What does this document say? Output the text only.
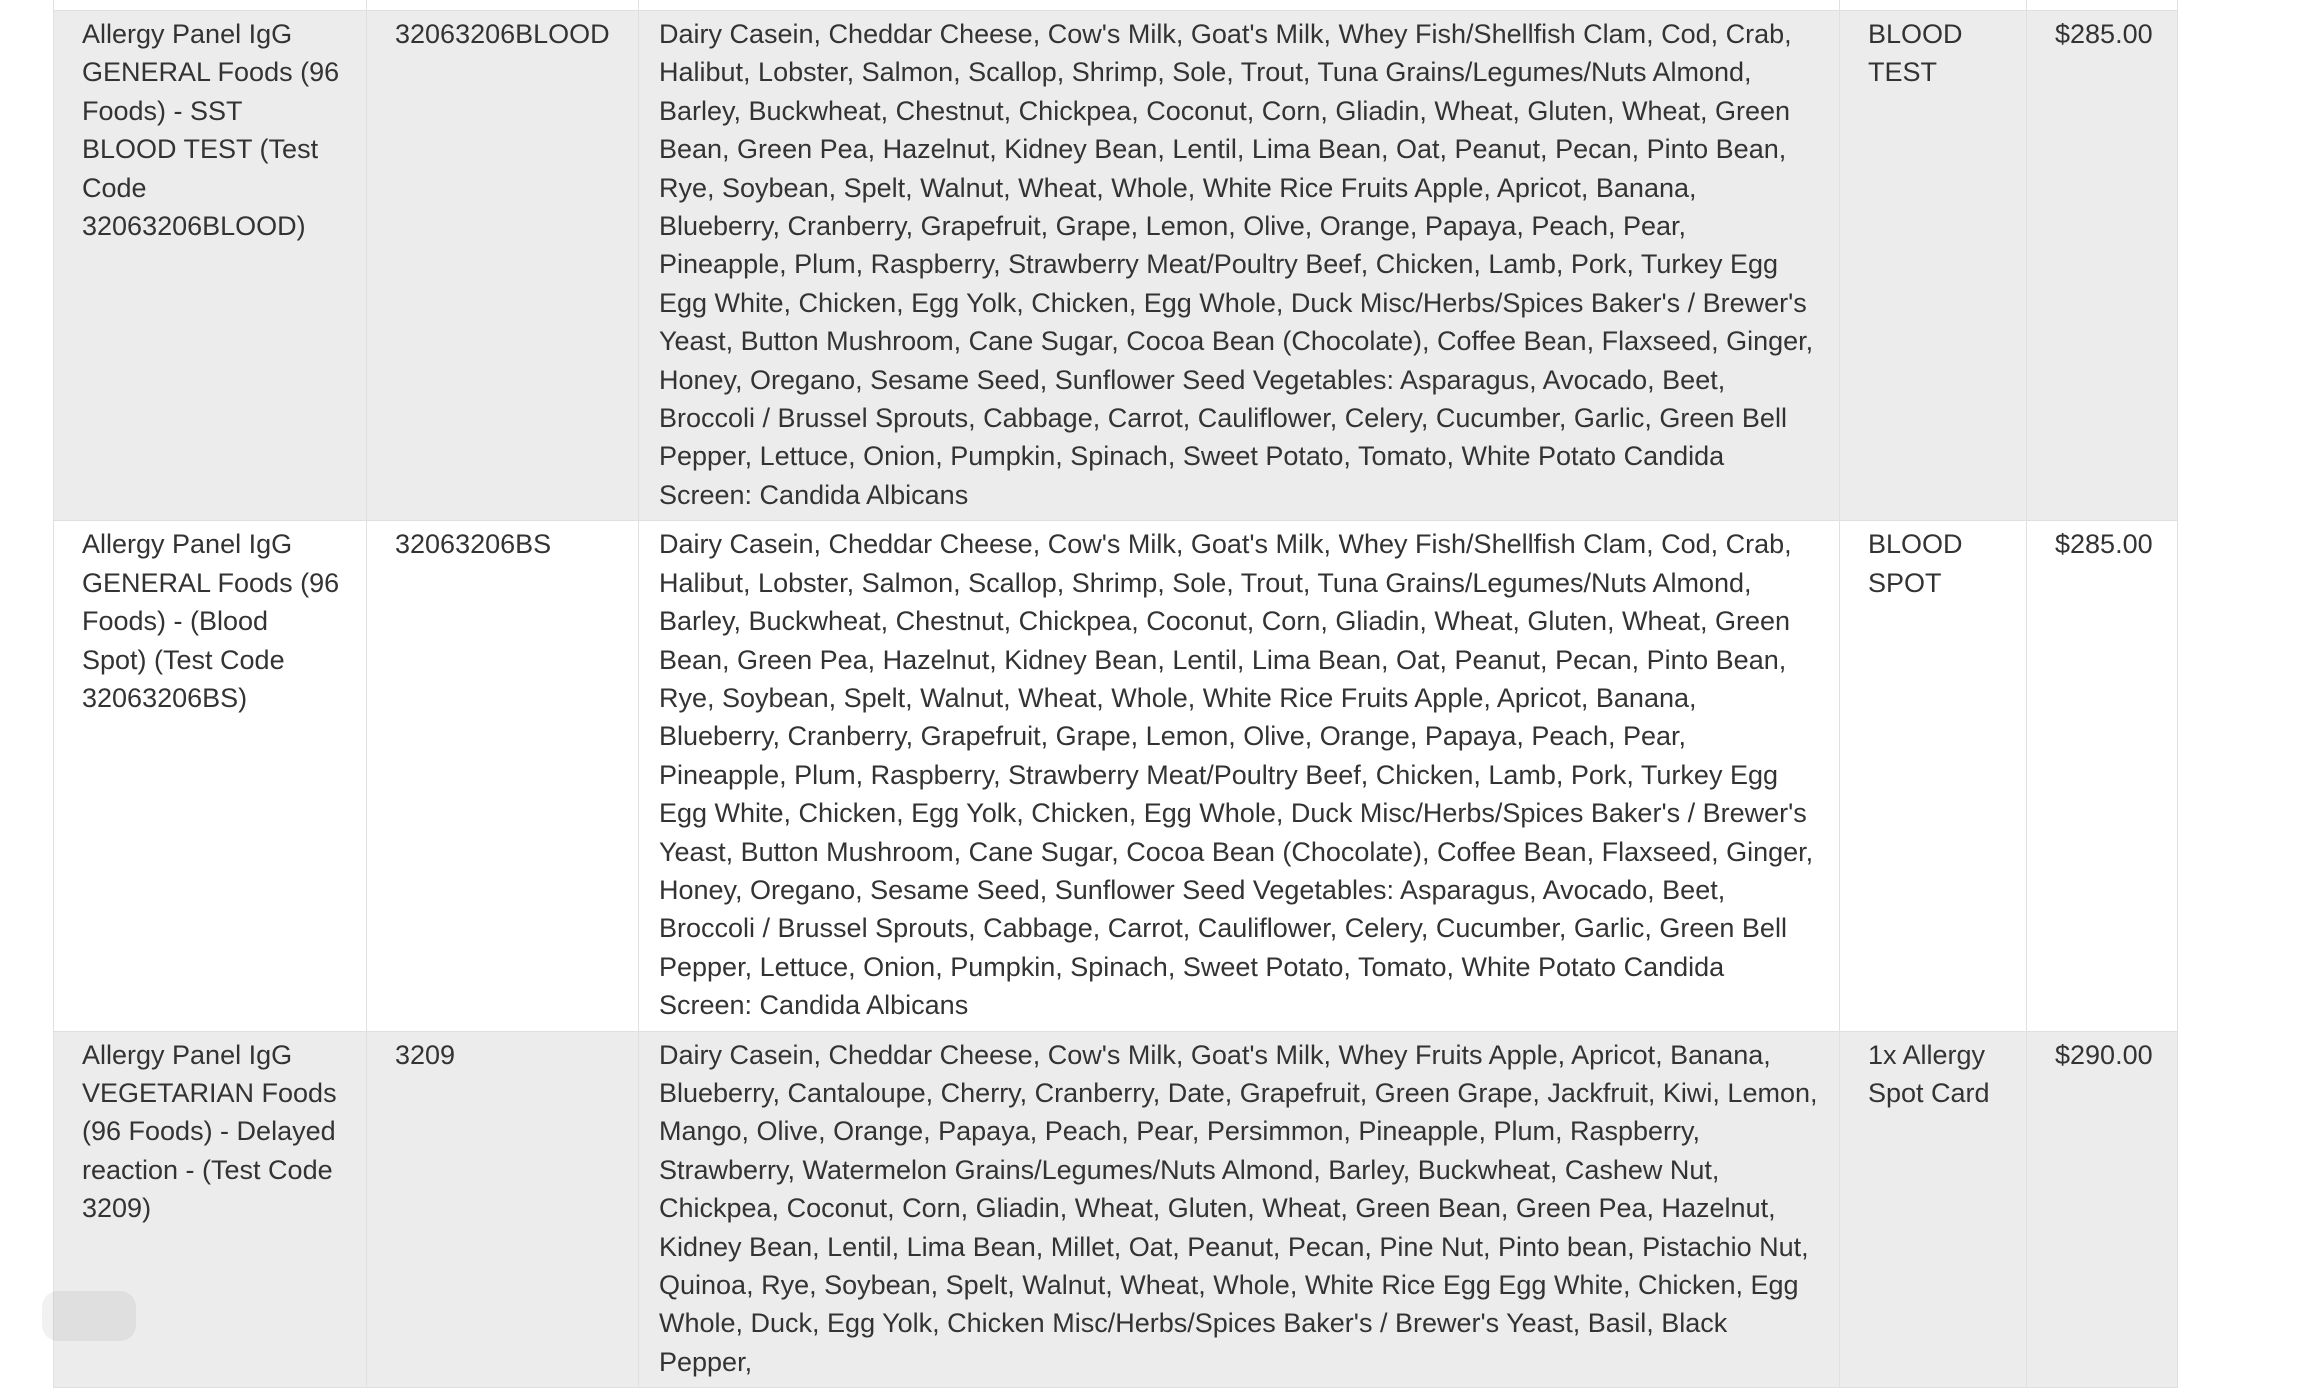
Allergy Panel IgG GENERAL Foods (96 Foods) - SST BLOOD TEST (Test Code 32063206BLOOD)	32063206BLOOD	Dairy Casein, Cheddar Cheese, Cow's Milk, Goat's Milk, Whey Fish/Shellfish Clam, Cod, Crab, Halibut, Lobster, Salmon, Scallop, Shrimp, Sole, Trout, Tuna Grains/Legumes/Nuts Almond, Barley, Buckwheat, Chestnut, Chickpea, Coconut, Corn, Gliadin, Wheat, Gluten, Wheat, Green Bean, Green Pea, Hazelnut, Kidney Bean, Lentil, Lima Bean, Oat, Peanut, Pecan, Pinto Bean, Rye, Soybean, Spelt, Walnut, Wheat, Whole, White Rice Fruits Apple, Apricot, Banana, Blueberry, Cranberry, Grapefruit, Grape, Lemon, Olive, Orange, Papaya, Peach, Pear, Pineapple, Plum, Raspberry, Strawberry Meat/Poultry Beef, Chicken, Lamb, Pork, Turkey Egg Egg White, Chicken, Egg Yolk, Chicken, Egg Whole, Duck Misc/Herbs/Spices Baker's / Brewer's Yeast, Button Mushroom, Cane Sugar, Cocoa Bean (Chocolate), Coffee Bean, Flaxseed, Ginger, Honey, Oregano, Sesame Seed, Sunflower Seed Vegetables: Asparagus, Avocado, Beet, Broccoli / Brussel Sprouts, Cabbage, Carrot, Cauliflower, Celery, Cucumber, Garlic, Green Bell Pepper, Lettuce, Onion, Pumpkin, Spinach, Sweet Potato, Tomato, White Potato Candida Screen: Candida Albicans	BLOOD TEST	$285.00
Allergy Panel IgG GENERAL Foods (96 Foods) - (Blood Spot) (Test Code 32063206BS)	32063206BS	Dairy Casein, Cheddar Cheese, Cow's Milk, Goat's Milk, Whey Fish/Shellfish Clam, Cod, Crab, Halibut, Lobster, Salmon, Scallop, Shrimp, Sole, Trout, Tuna Grains/Legumes/Nuts Almond, Barley, Buckwheat, Chestnut, Chickpea, Coconut, Corn, Gliadin, Wheat, Gluten, Wheat, Green Bean, Green Pea, Hazelnut, Kidney Bean, Lentil, Lima Bean, Oat, Peanut, Pecan, Pinto Bean, Rye, Soybean, Spelt, Walnut, Wheat, Whole, White Rice Fruits Apple, Apricot, Banana, Blueberry, Cranberry, Grapefruit, Grape, Lemon, Olive, Orange, Papaya, Peach, Pear, Pineapple, Plum, Raspberry, Strawberry Meat/Poultry Beef, Chicken, Lamb, Pork, Turkey Egg Egg White, Chicken, Egg Yolk, Chicken, Egg Whole, Duck Misc/Herbs/Spices Baker's / Brewer's Yeast, Button Mushroom, Cane Sugar, Cocoa Bean (Chocolate), Coffee Bean, Flaxseed, Ginger, Honey, Oregano, Sesame Seed, Sunflower Seed Vegetables: Asparagus, Avocado, Beet, Broccoli / Brussel Sprouts, Cabbage, Carrot, Cauliflower, Celery, Cucumber, Garlic, Green Bell Pepper, Lettuce, Onion, Pumpkin, Spinach, Sweet Potato, Tomato, White Potato Candida Screen: Candida Albicans	BLOOD SPOT	$285.00
Allergy Panel IgG VEGETARIAN Foods (96 Foods) - Delayed reaction - (Test Code 3209)	3209	Dairy Casein, Cheddar Cheese, Cow's Milk, Goat's Milk, Whey Fruits Apple, Apricot, Banana, Blueberry, Cantaloupe, Cherry, Cranberry, Date, Grapefruit, Green Grape, Jackfruit, Kiwi, Lemon, Mango, Olive, Orange, Papaya, Peach, Pear, Persimmon, Pineapple, Plum, Raspberry, Strawberry, Watermelon Grains/Legumes/Nuts Almond, Barley, Buckwheat, Cashew Nut, Chickpea, Coconut, Corn, Gliadin, Wheat, Gluten, Wheat, Green Bean, Green Pea, Hazelnut, Kidney Bean, Lentil, Lima Bean, Millet, Oat, Peanut, Pecan, Pine Nut, Pinto bean, Pistachio Nut, Quinoa, Rye, Soybean, Spelt, Walnut, Wheat, Whole, White Rice Egg Egg White, Chicken, Egg Whole, Duck, Egg Yolk, Chicken Misc/Herbs/Spices Baker's / Brewer's Yeast, Basil, Black Pepper,	1x Allergy Spot Card	$290.00
